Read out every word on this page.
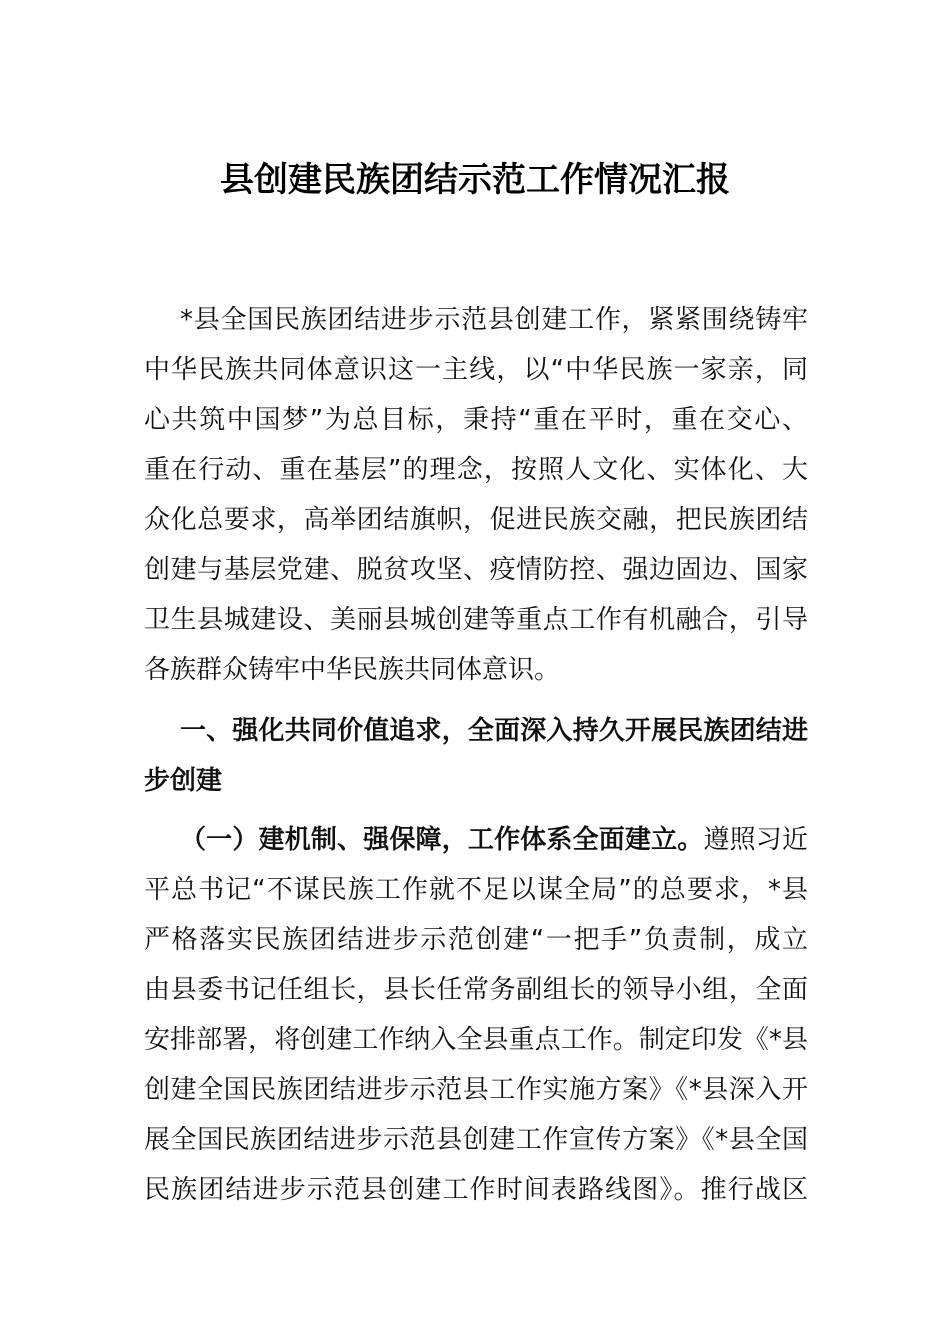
县创建民族团结示范工作情况汇报
*县全国民族团结进步示范县创建工作，紧紧围绕铸牢
中华民族共同体意识这一主线，以“中华民族一家亲，同
心共筑中国梦”为总目标，秉持“重在平时，重在交心、
重在行动、重在基层”的理念，按照人文化、实体化、大
众化总要求，高举团结旗帜，促进民族交融，把民族团结
创建与基层党建、脱贫攻坚、疫情防控、强边固边、国家
卫生县城建设、美丽县城创建等重点工作有机融合，引导
各族群众铸牢中华民族共同体意识。
一、强化共同价值追求，全面深入持久开展民族团结进
步创建
（一）建机制、强保障，工作体系全面建立。遵照习近
平总书记“不谋民族工作就不足以谋全局”的总要求，*县
严格落实民族团结进步示范创建“一把手”负责制，成立
由县委书记任组长，县长任常务副组长的领导小组，全面
安排部署，将创建工作纳入全县重点工作。制定印发《*县
创建全国民族团结进步示范县工作实施方案》《*县深入开
展全国民族团结进步示范县创建工作宣传方案》《*县全国
民族团结进步示范县创建工作时间表路线图》。推行战区
